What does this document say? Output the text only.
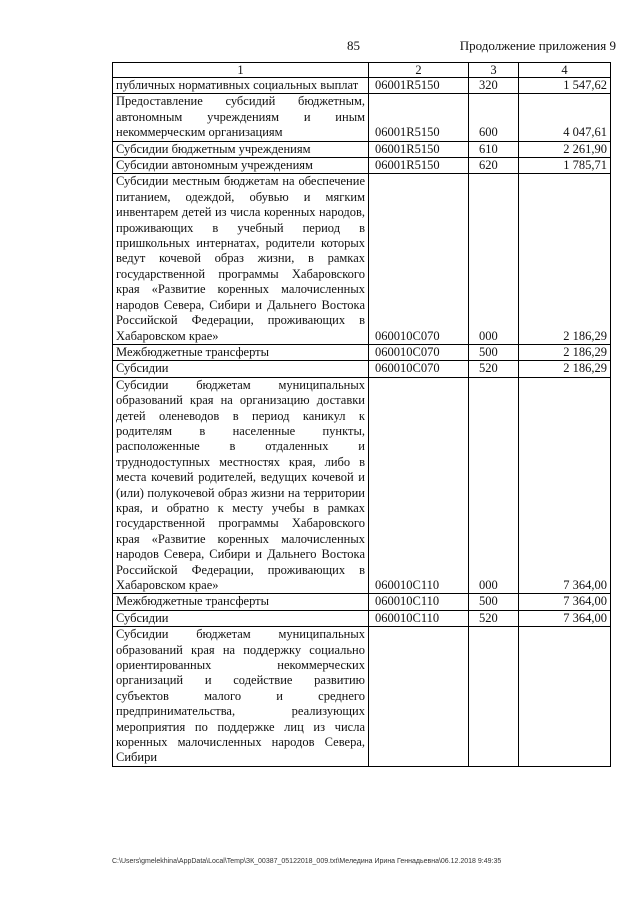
85	Продолжение приложения 9
1	2	3	4
публичных нормативных социальных выплат	06001R5150	320	1 547,62
Предоставление субсидий бюджетным, автономным учреждениям и иным некоммерческим организациям	06001R5150	600	4 047,61
Субсидии бюджетным учреждениям	06001R5150	610	2 261,90
Субсидии автономным учреждениям	06001R5150	620	1 785,71
Субсидии местным бюджетам на обеспечение питанием, одеждой, обувью и мягким инвентарем детей из числа коренных народов, проживающих в учебный период в пришкольных интернатах, родители которых ведут кочевой образ жизни, в рамках государственной программы Хабаровского края «Развитие коренных малочисленных народов Севера, Сибири и Дальнего Востока Российской Федерации, проживающих в Хабаровском крае»	060010С070	000	2 186,29
Межбюджетные трансферты	060010С070	500	2 186,29
Субсидии	060010С070	520	2 186,29
Субсидии бюджетам муниципальных образований края на организацию доставки детей оленеводов в период каникул к родителям в населенные пункты, расположенные в отдаленных и труднодоступных местностях края, либо в места кочевий родителей, ведущих кочевой и (или) полукочевой образ жизни на территории края, и обратно к месту учебы в рамках государственной программы Хабаровского края «Развитие коренных малочисленных народов Севера, Сибири и Дальнего Востока Российской Федерации, проживающих в Хабаровском крае»	060010С110	000	7 364,00
Межбюджетные трансферты	060010С110	500	7 364,00
Субсидии	060010С110	520	7 364,00
Субсидии бюджетам муниципальных образований края на поддержку социально ориентированных некоммерческих организаций и содействие развитию субъектов малого и среднего предпринимательства, реализующих мероприятия по поддержке лиц из числа коренных малочисленных народов Севера, Сибири			
C:\Users\gmelekhina\AppData\Local\Temp\ЗК_00387_05122018_009.txt\Меледина Ирина Геннадьевна\06.12.2018 9:49:35
